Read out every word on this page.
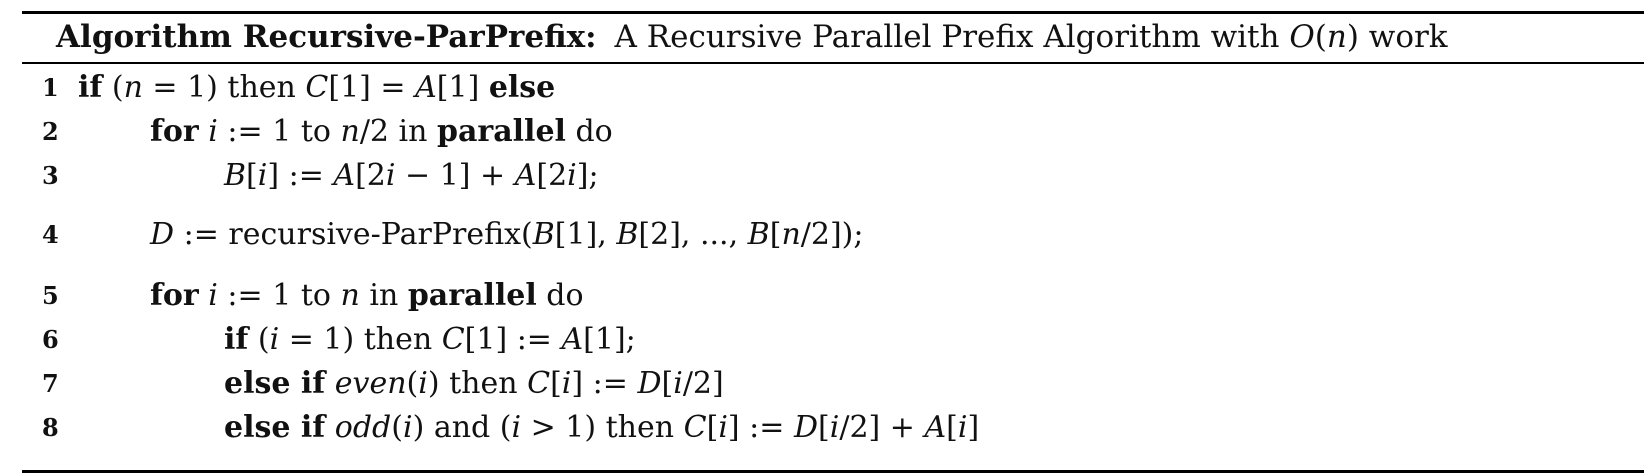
Algorithm Recursive-ParPrefix: A Recursive Parallel Prefix Algorithm with O(n) work
1 if (n = 1) then C[1] = A[1] else
2	for i := 1 to n/2 in parallel do
3	B[i] := A[2i − 1] + A[2i];
4	D := recursive-ParPrefix(B[1], B[2], ..., B[n/2]);
5	for i := 1 to n in parallel do
6	if (i = 1) then C[1] := A[1];
7	else if even(i) then C[i] := D[i/2]
8	else if odd(i) and (i > 1) then C[i] := D[i/2] + A[i]
